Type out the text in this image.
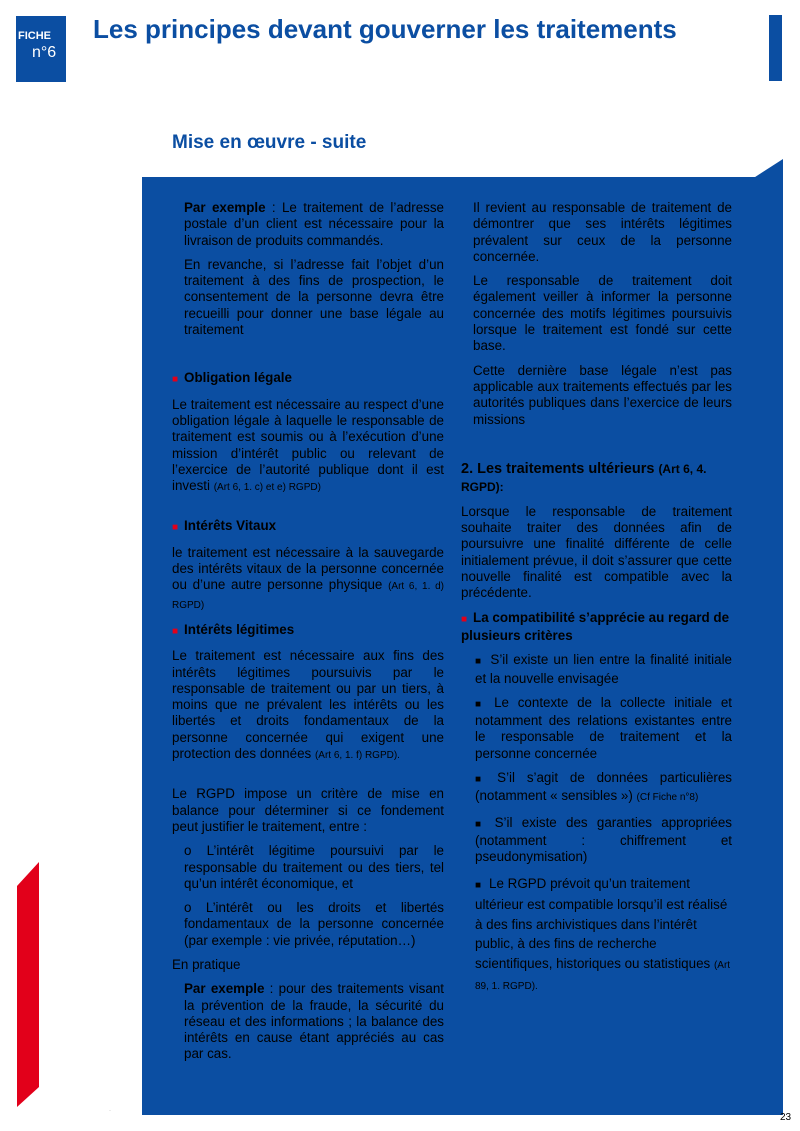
FICHE
n°6
Les principes devant gouverner les traitements
Mise en œuvre - suite
·

Par exemple : Le traitement de l’adresse postale d’un client est nécessaire pour la livraison de produits commandés.

En revanche, si l’adresse fait l’objet d’un traitement à des fins de prospection, le consentement de la personne devra être recueilli pour donner une base légale au traitement

■ Obligation légale

Le traitement est nécessaire au respect d’une obligation légale à laquelle le responsable de traitement est soumis ou à l’exécution d’une mission d’intérêt public ou relevant de l’exercice de l’autorité publique dont il est investi (Art 6, 1. c) et e) RGPD)

■ Intérêts Vitaux

le traitement est nécessaire à la sauvegarde des intérêts vitaux de la personne concernée ou d’une autre personne physique (Art 6, 1. d) RGPD)

■ Intérêts légitimes

Le traitement est nécessaire aux fins des intérêts légitimes poursuivis par le responsable de traitement ou par un tiers, à moins que ne prévalent les intérêts ou les libertés et droits fondamentaux de la personne concernée qui exigent une protection des données (Art 6, 1. f) RGPD).

Le RGPD impose un critère de mise en balance pour déterminer si ce fondement peut justifier le traitement, entre :

o L’intérêt légitime poursuivi par le responsable du traitement ou des tiers, tel qu’un intérêt économique, et

o L’intérêt ou les droits et libertés fondamentaux de la personne concernée (par exemple : vie privée, réputation…)

En pratique

Par exemple : pour des traitements visant la prévention de la fraude, la sécurité du réseau et des informations ; la balance des intérêts en cause étant appréciés au cas par cas.

Il revient au responsable de traitement de démontrer que ses intérêts légitimes prévalent sur ceux de la personne concernée.

Le responsable de traitement doit également veiller à informer la personne concernée des motifs légitimes poursuivis lorsque le traitement est fondé sur cette base.

Cette dernière base légale n’est pas applicable aux traitements effectués par les autorités publiques dans l’exercice de leurs missions

2. Les traitements ultérieurs (Art 6, 4. RGPD):

Lorsque le responsable de traitement souhaite traiter des données afin de poursuivre une finalité différente de celle initialement prévue, il doit s’assurer que cette nouvelle finalité est compatible avec la précédente.

■ La compatibilité s’apprécie au regard de plusieurs critères

■ S’il existe un lien entre la finalité initiale et la nouvelle envisagée

■ Le contexte de la collecte initiale et notamment des relations existantes entre le responsable de traitement et la personne concernée

■ S’il s’agit de données particulières (notamment « sensibles ») (Cf Fiche n°8)

■ S’il existe des garanties appropriées (notamment : chiffrement et pseudonymisation)

■ Le RGPD prévoit qu’un traitement ultérieur est compatible lorsqu’il est réalisé à des fins archivistiques dans l’intérêt public, à des fins de recherche scientifiques, historiques ou statistiques (Art 89, 1. RGPD).

23
